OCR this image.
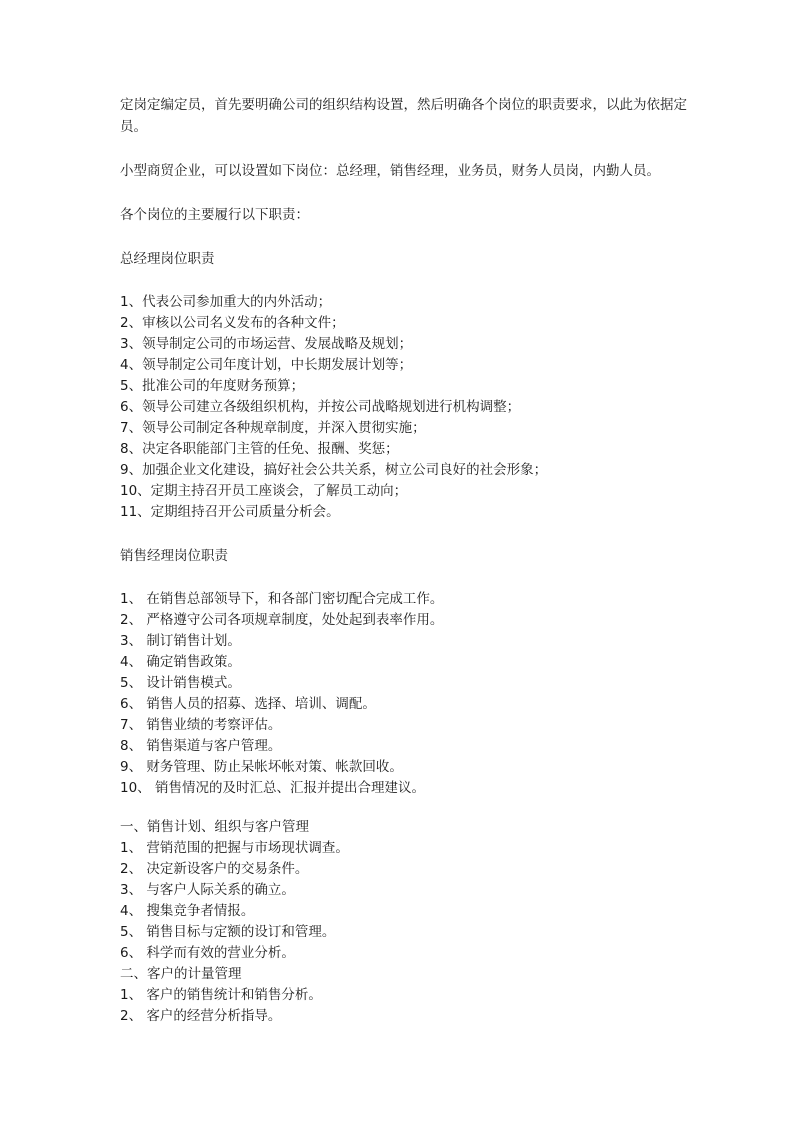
定岗定编定员，首先要明确公司的组织结构设置，然后明确各个岗位的职责要求，以此为依据定员。

小型商贸企业，可以设置如下岗位：总经理，销售经理，业务员，财务人员岗，内勤人员。

各个岗位的主要履行以下职责：

总经理岗位职责

1、代表公司参加重大的内外活动；
2、审核以公司名义发布的各种文件；
3、领导制定公司的市场运营、发展战略及规划；
4、领导制定公司年度计划，中长期发展计划等；
5、批准公司的年度财务预算；
6、领导公司建立各级组织机构，并按公司战略规划进行机构调整；
7、领导公司制定各种规章制度，并深入贯彻实施；
8、决定各职能部门主管的任免、报酬、奖惩；
9、加强企业文化建设，搞好社会公共关系，树立公司良好的社会形象；
10、定期主持召开员工座谈会，了解员工动向；
11、定期组持召开公司质量分析会。

销售经理岗位职责

1、 在销售总部领导下，和各部门密切配合完成工作。
2、 严格遵守公司各项规章制度，处处起到表率作用。
3、 制订销售计划。
4、 确定销售政策。
5、 设计销售模式。
6、 销售人员的招募、选择、培训、调配。
7、 销售业绩的考察评估。
8、 销售渠道与客户管理。
9、 财务管理、防止呆帐坏帐对策、帐款回收。
10、 销售情况的及时汇总、汇报并提出合理建议。
一、销售计划、组织与客户管理
1、 营销范围的把握与市场现状调查。
2、 决定新设客户的交易条件。
3、 与客户人际关系的确立。
4、 搜集竞争者情报。
5、 销售目标与定额的设订和管理。
6、 科学而有效的营业分析。
二、客户的计量管理
1、 客户的销售统计和销售分析。
2、 客户的经营分析指导。
